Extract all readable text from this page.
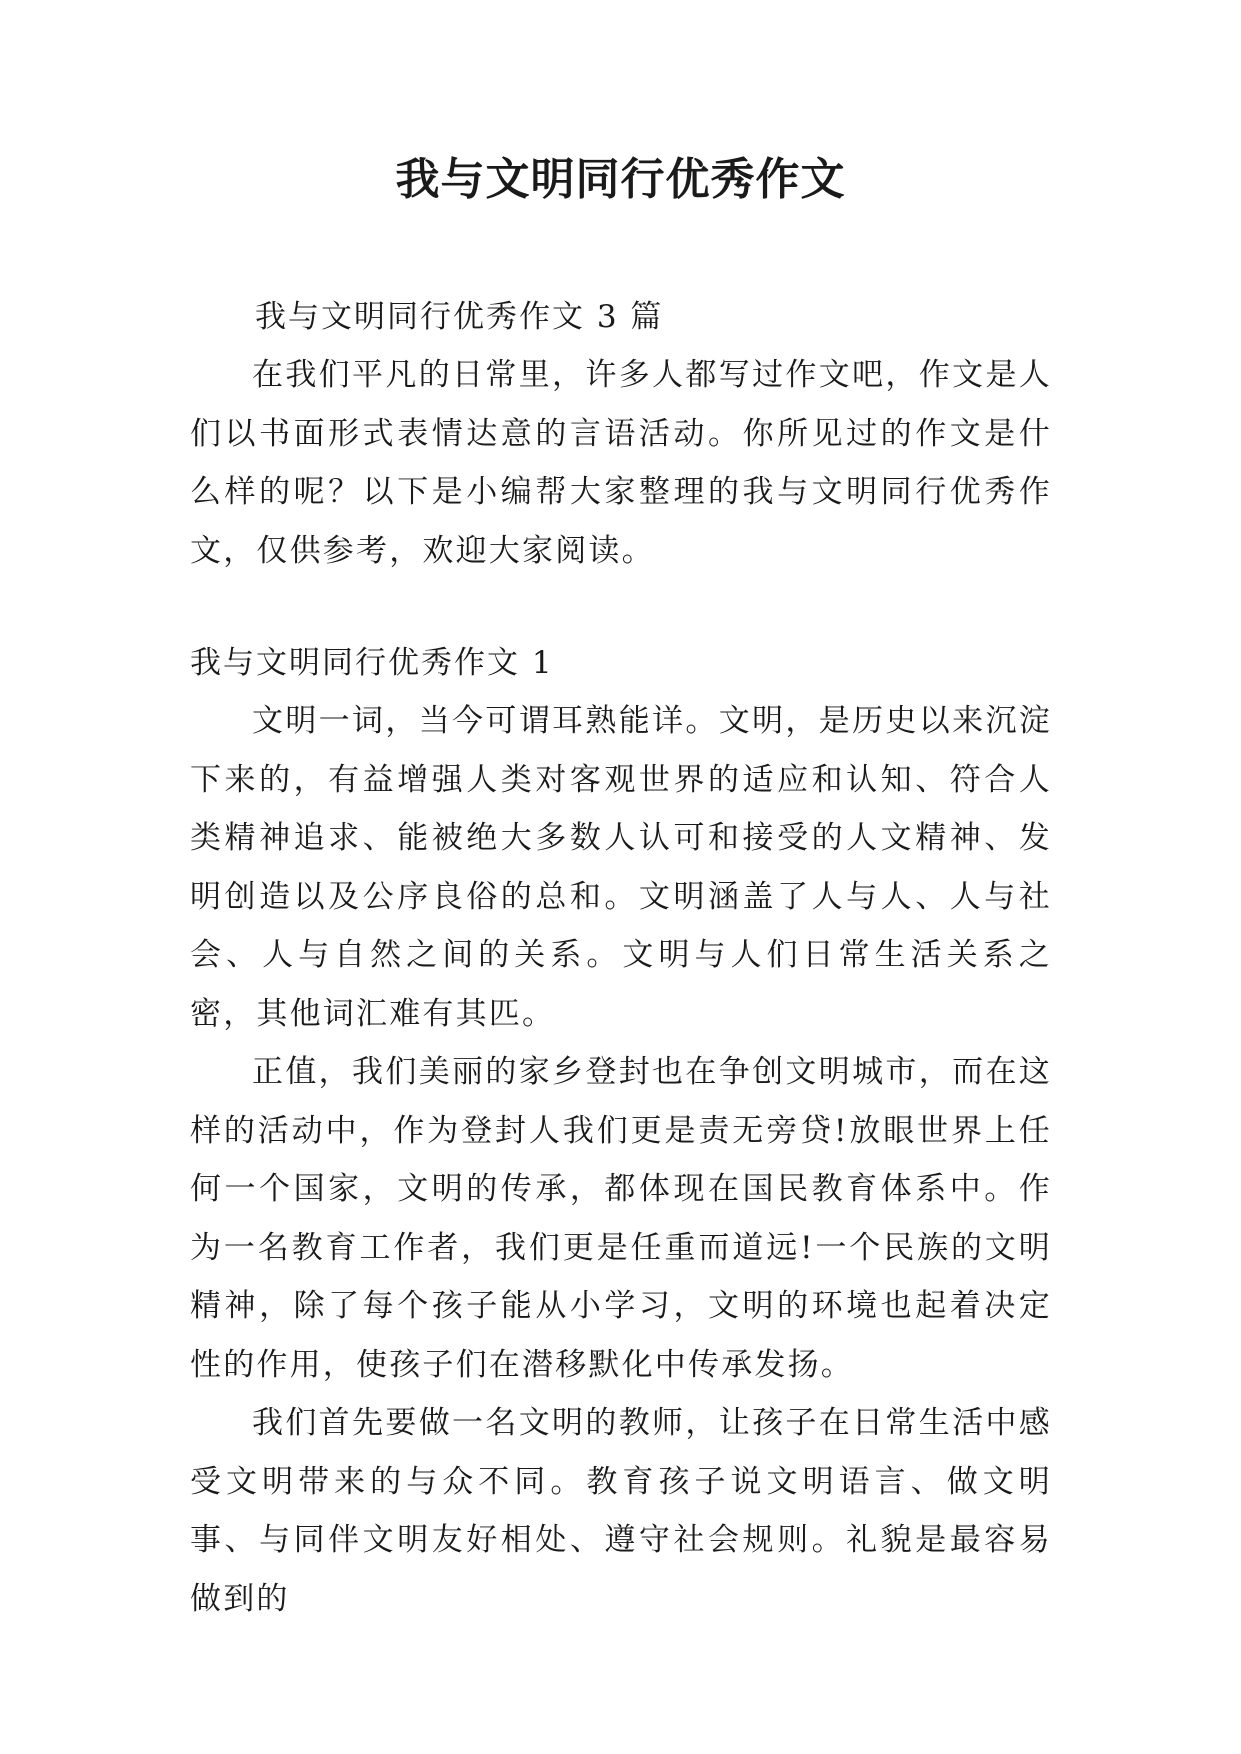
我与文明同行优秀作文
我与文明同行优秀作文 3 篇

在我们平凡的日常里，许多人都写过作文吧，作文是人们以书面形式表情达意的言语活动。你所见过的作文是什么样的呢？以下是小编帮大家整理的我与文明同行优秀作文，仅供参考，欢迎大家阅读。

我与文明同行优秀作文 1

文明一词，当今可谓耳熟能详。文明，是历史以来沉淀下来的，有益增强人类对客观世界的适应和认知、符合人类精神追求、能被绝大多数人认可和接受的人文精神、发明创造以及公序良俗的总和。文明涵盖了人与人、人与社会、人与自然之间的关系。文明与人们日常生活关系之密，其他词汇难有其匹。

正值，我们美丽的家乡登封也在争创文明城市，而在这样的活动中，作为登封人我们更是责无旁贷!放眼世界上任何一个国家，文明的传承，都体现在国民教育体系中。作为一名教育工作者，我们更是任重而道远!一个民族的文明精神，除了每个孩子能从小学习，文明的环境也起着决定性的作用，使孩子们在潜移默化中传承发扬。

我们首先要做一名文明的教师，让孩子在日常生活中感受文明带来的与众不同。教育孩子说文明语言、做文明事、与同伴文明友好相处、遵守社会规则。礼貌是最容易做到的
